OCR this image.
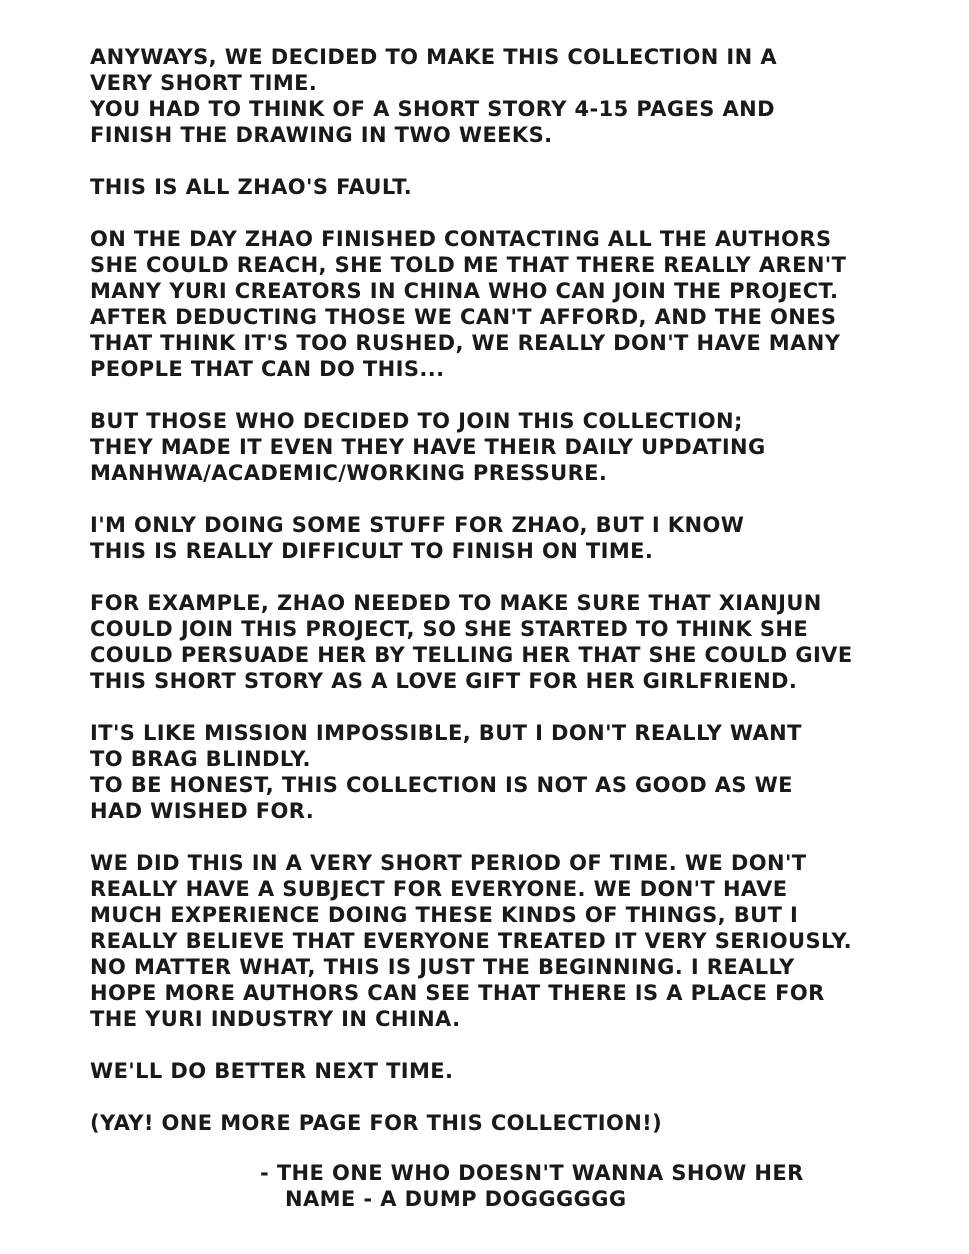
ANYWAYS, WE DECIDED TO MAKE THIS COLLECTION IN A
VERY SHORT TIME.
YOU HAD TO THINK OF A SHORT STORY 4-15 PAGES AND
FINISH THE DRAWING IN TWO WEEKS.
THIS IS ALL ZHAO'S FAULT.
ON THE DAY ZHAO FINISHED CONTACTING ALL THE AUTHORS
SHE COULD REACH, SHE TOLD ME THAT THERE REALLY AREN'T
MANY YURI CREATORS IN CHINA WHO CAN JOIN THE PROJECT.
AFTER DEDUCTING THOSE WE CAN'T AFFORD, AND THE ONES
THAT THINK IT'S TOO RUSHED, WE REALLY DON'T HAVE MANY
PEOPLE THAT CAN DO THIS...
BUT THOSE WHO DECIDED TO JOIN THIS COLLECTION;
THEY MADE IT EVEN THEY HAVE THEIR DAILY UPDATING
MANHWA/ACADEMIC/WORKING PRESSURE.
I'M ONLY DOING SOME STUFF FOR ZHAO, BUT I KNOW
THIS IS REALLY DIFFICULT TO FINISH ON TIME.
FOR EXAMPLE, ZHAO NEEDED TO MAKE SURE THAT XIANJUN
COULD JOIN THIS PROJECT, SO SHE STARTED TO THINK SHE
COULD PERSUADE HER BY TELLING HER THAT SHE COULD GIVE
THIS SHORT STORY AS A LOVE GIFT FOR HER GIRLFRIEND.
IT'S LIKE MISSION IMPOSSIBLE, BUT I DON'T REALLY WANT
TO BRAG BLINDLY.
TO BE HONEST, THIS COLLECTION IS NOT AS GOOD AS WE
HAD WISHED FOR.
WE DID THIS IN A VERY SHORT PERIOD OF TIME. WE DON'T
REALLY HAVE A SUBJECT FOR EVERYONE. WE DON'T HAVE
MUCH EXPERIENCE DOING THESE KINDS OF THINGS, BUT I
REALLY BELIEVE THAT EVERYONE TREATED IT VERY SERIOUSLY.
NO MATTER WHAT, THIS IS JUST THE BEGINNING. I REALLY
HOPE MORE AUTHORS CAN SEE THAT THERE IS A PLACE FOR
THE YURI INDUSTRY IN CHINA.
WE'LL DO BETTER NEXT TIME.
(YAY! ONE MORE PAGE FOR THIS COLLECTION!)
- THE ONE WHO DOESN'T WANNA SHOW HER
NAME - A DUMP DOGGGGGG
